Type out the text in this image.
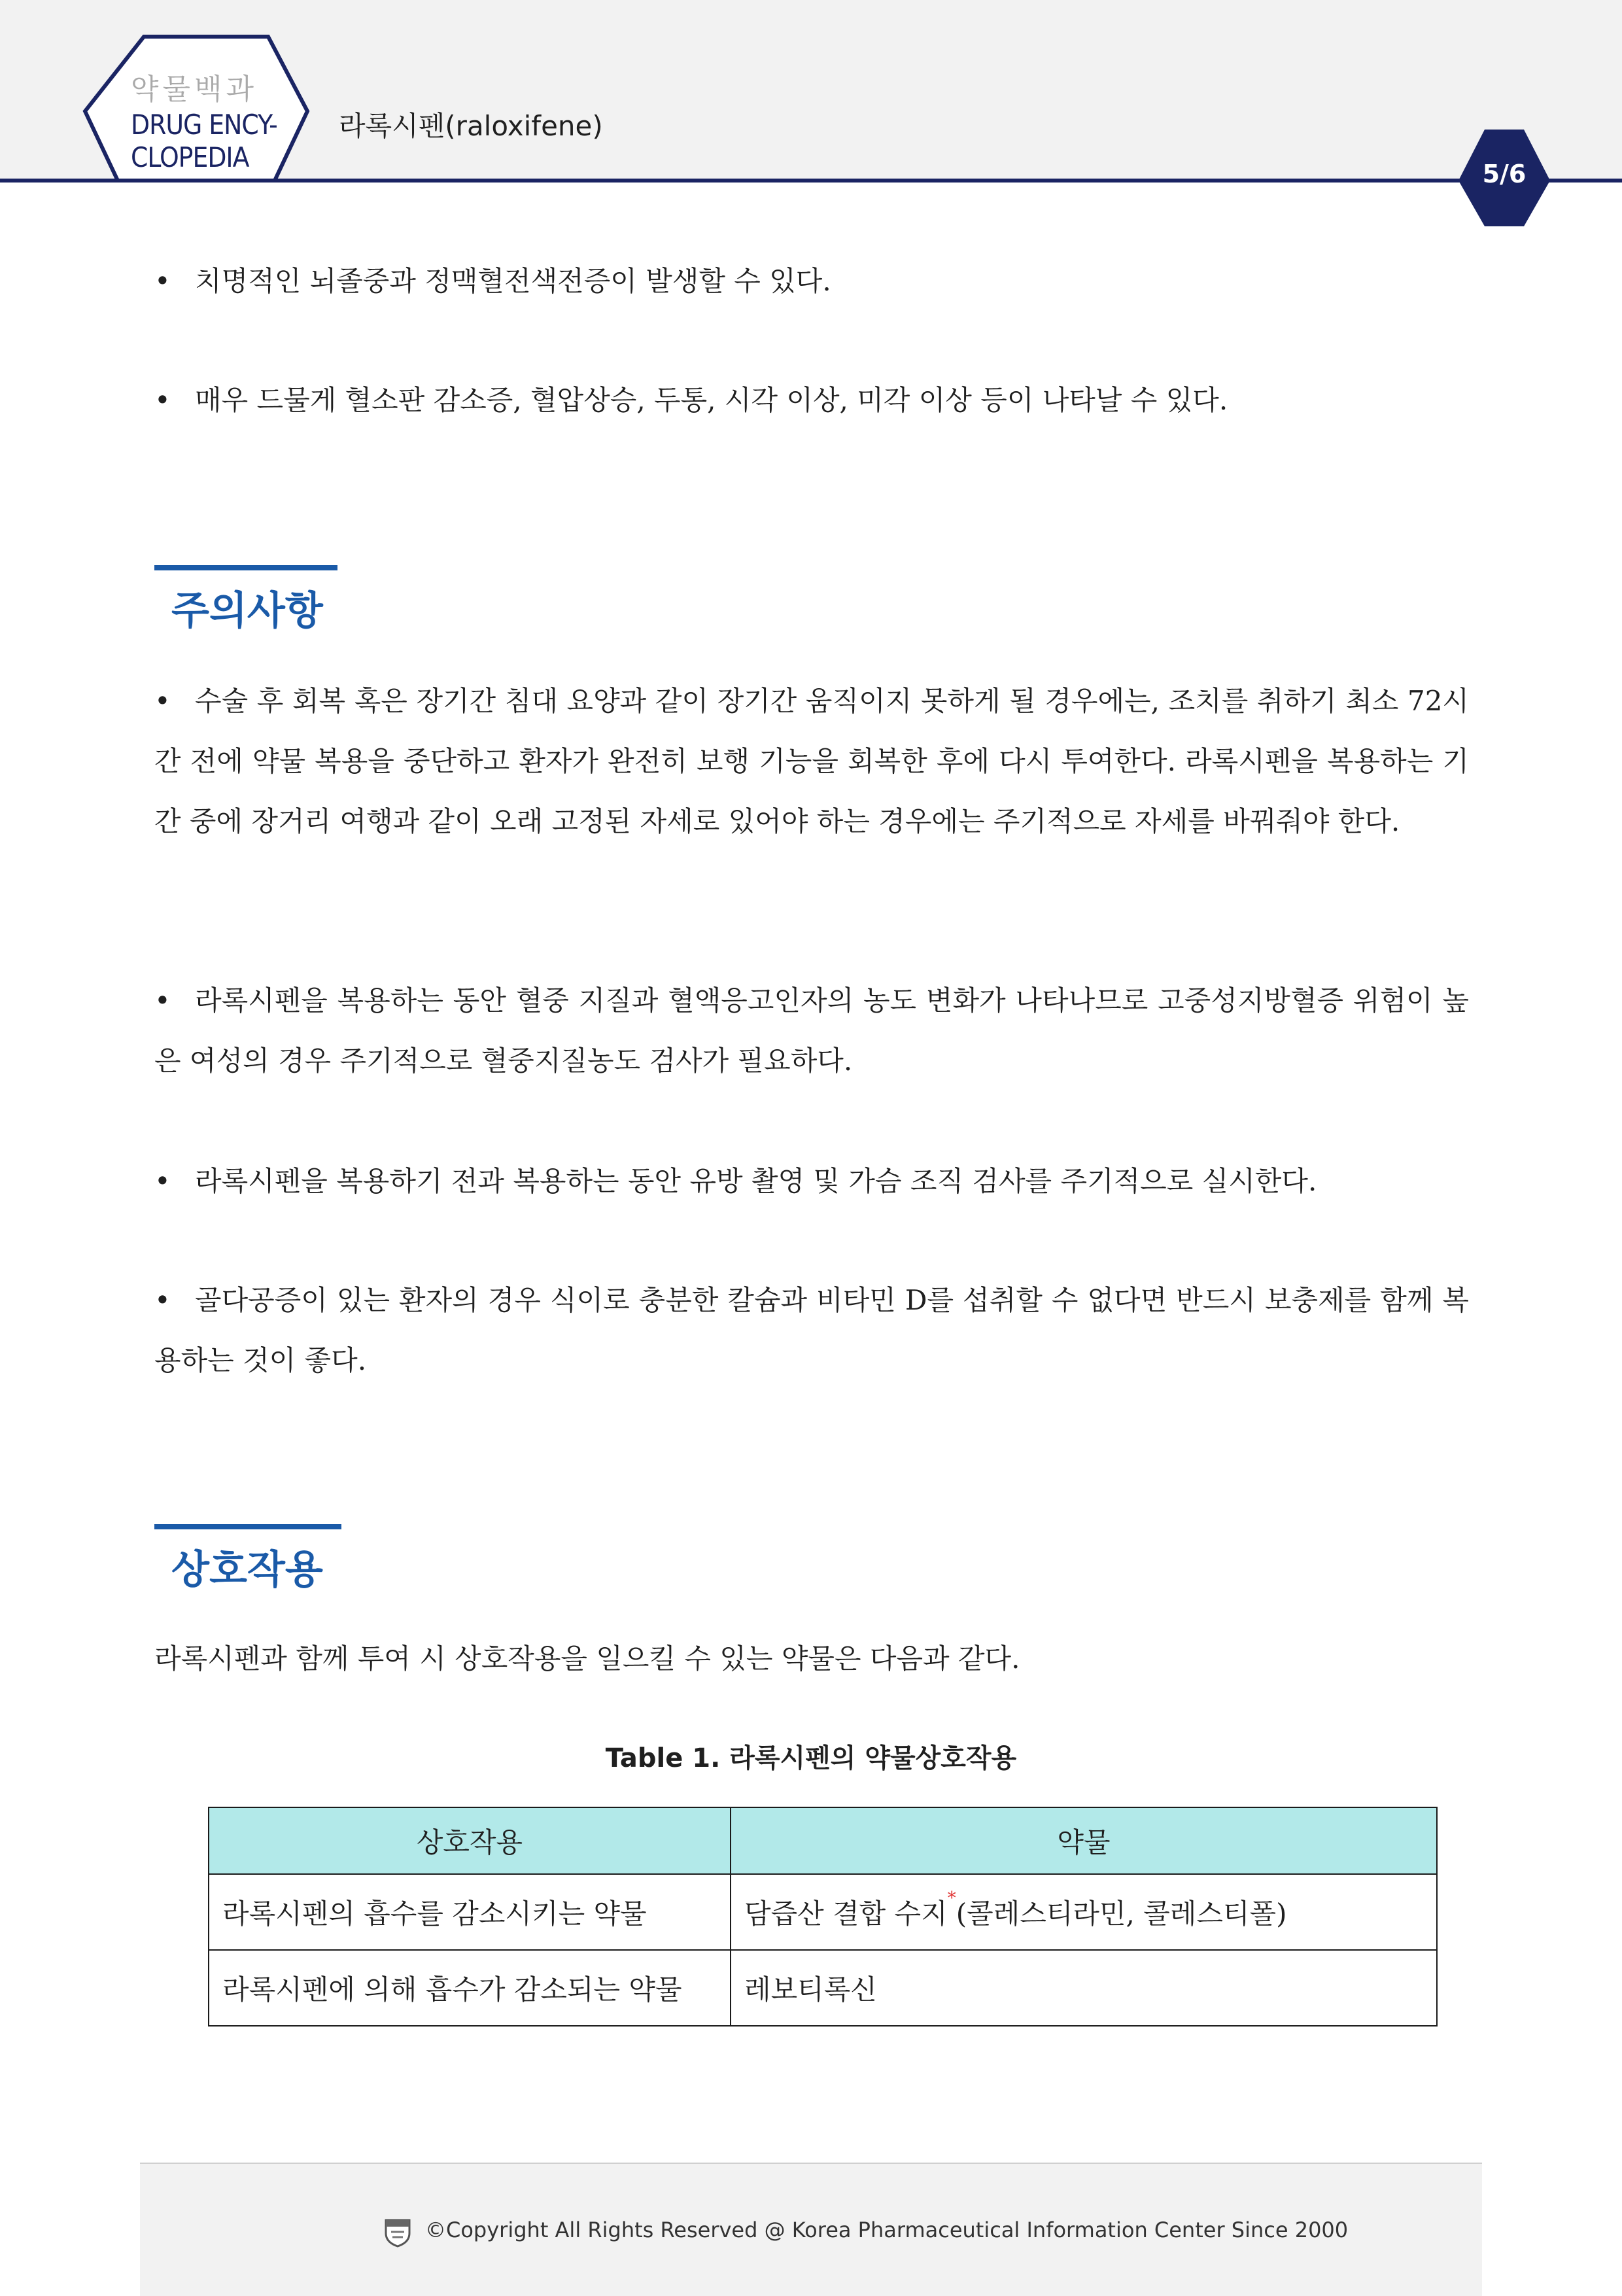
약물백과
DRUG ENCY-
CLOPEDIA
라록시펜(raloxifene)
5/6
• 치명적인 뇌졸중과 정맥혈전색전증이 발생할 수 있다.
• 매우 드물게 혈소판 감소증, 혈압상승, 두통, 시각 이상, 미각 이상 등이 나타날 수 있다.
주의사항
• 수술 후 회복 혹은 장기간 침대 요양과 같이 장기간 움직이지 못하게 될 경우에는, 조치를 취하기 최소 72시간 전에 약물 복용을 중단하고 환자가 완전히 보행 기능을 회복한 후에 다시 투여한다. 라록시펜을 복용하는 기간 중에 장거리 여행과 같이 오래 고정된 자세로 있어야 하는 경우에는 주기적으로 자세를 바꿔줘야 한다.
• 라록시펜을 복용하는 동안 혈중 지질과 혈액응고인자의 농도 변화가 나타나므로 고중성지방혈증 위험이 높은 여성의 경우 주기적으로 혈중지질농도 검사가 필요하다.
• 라록시펜을 복용하기 전과 복용하는 동안 유방 촬영 및 가슴 조직 검사를 주기적으로 실시한다.
• 골다공증이 있는 환자의 경우 식이로 충분한 칼슘과 비타민 D를 섭취할 수 없다면 반드시 보충제를 함께 복용하는 것이 좋다.
상호작용
라록시펜과 함께 투여 시 상호작용을 일으킬 수 있는 약물은 다음과 같다.
Table 1. 라록시펜의 약물상호작용
상호작용	약물
라록시펜의 흡수를 감소시키는 약물	담즙산 결합 수지*(콜레스티라민, 콜레스티폴)
라록시펜에 의해 흡수가 감소되는 약물	레보티록신
©Copyright All Rights Reserved @ Korea Pharmaceutical Information Center Since 2000
